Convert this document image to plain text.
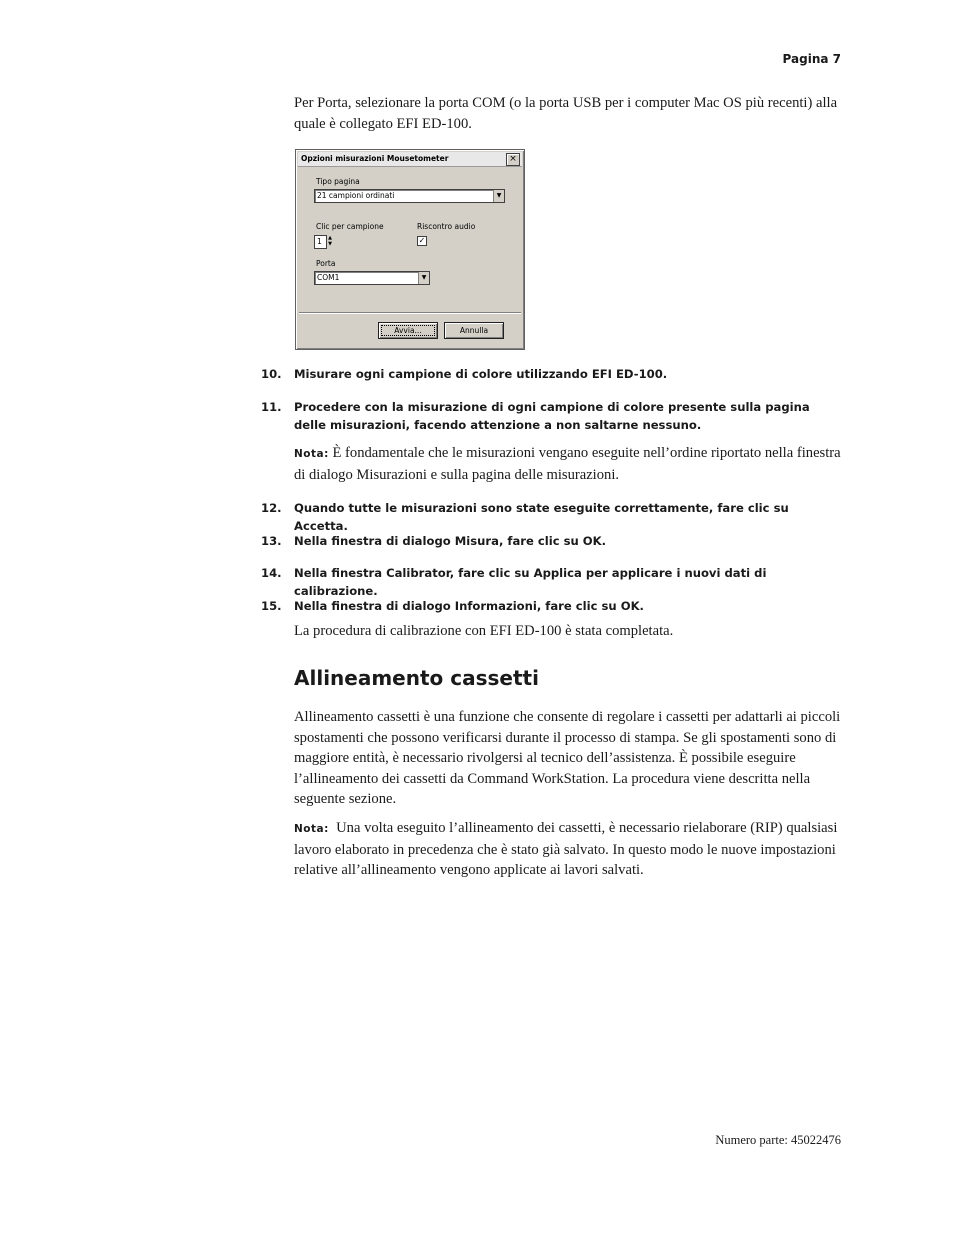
Pagina 7

Per Porta, selezionare la porta COM (o la porta USB per i computer Mac OS più recenti) alla quale è collegato EFI ED-100.

Opzioni misurazioni Mousetometer	×
Tipo pagina
21 campioni ordinati	▼
Clic per campione
1 ▲
▼
Riscontro audio
✓
Porta
COM1	▼
Avvia...	Annulla
10.	Misurare ogni campione di colore utilizzando EFI ED-100.
11.	Procedere con la misurazione di ogni campione di colore presente sulla pagina delle misurazioni, facendo attenzione a non saltarne nessuno.

Nota: È fondamentale che le misurazioni vengano eseguite nell’ordine riportato nella finestra di dialogo Misurazioni e sulla pagina delle misurazioni.

12.	Quando tutte le misurazioni sono state eseguite correttamente, fare clic su Accetta.
13.	Nella finestra di dialogo Misura, fare clic su OK.
14.	Nella finestra Calibrator, fare clic su Applica per applicare i nuovi dati di calibrazione.
15.	Nella finestra di dialogo Informazioni, fare clic su OK.

La procedura di calibrazione con EFI ED-100 è stata completata.

Allineamento cassetti

Allineamento cassetti è una funzione che consente di regolare i cassetti per adattarli ai piccoli spostamenti che possono verificarsi durante il processo di stampa. Se gli spostamenti sono di maggiore entità, è necessario rivolgersi al tecnico dell’assistenza. È possibile eseguire l’allineamento dei cassetti da Command WorkStation. La procedura viene descritta nella seguente sezione.

Nota: Una volta eseguito l’allineamento dei cassetti, è necessario rielaborare (RIP) qualsiasi lavoro elaborato in precedenza che è stato già salvato. In questo modo le nuove impostazioni relative all’allineamento vengono applicate ai lavori salvati.

Numero parte: 45022476
